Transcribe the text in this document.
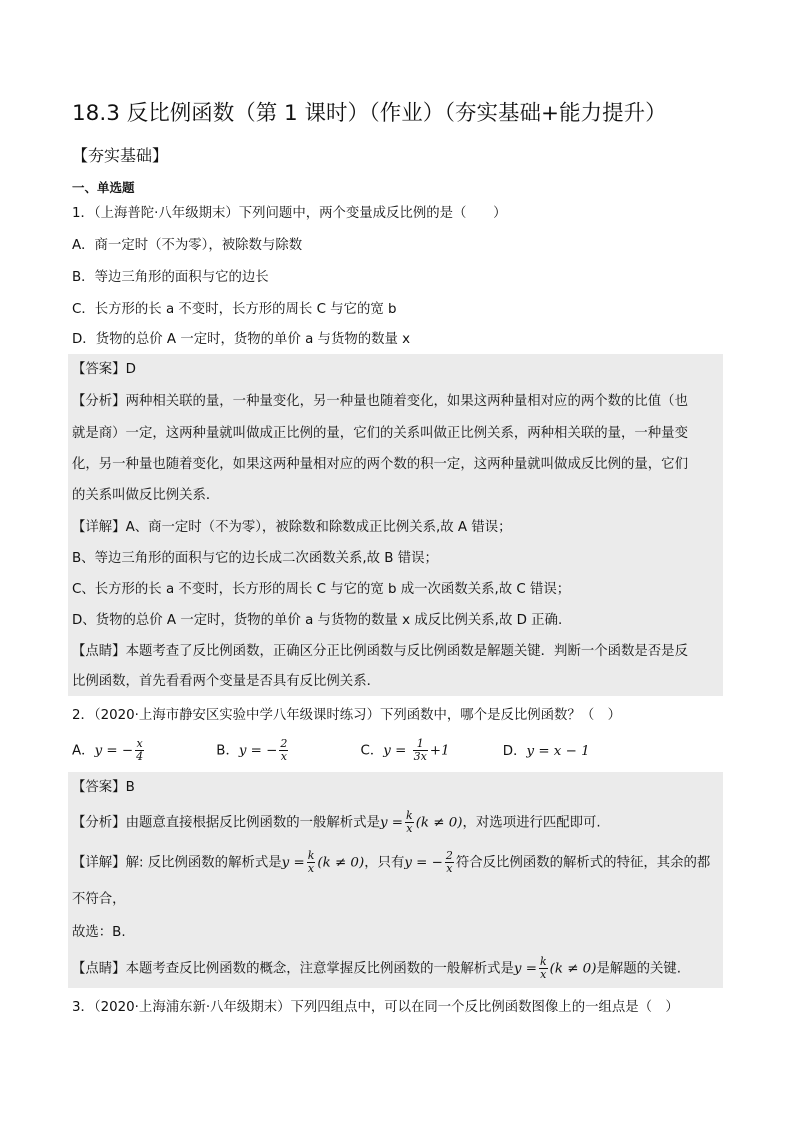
18.3 反比例函数（第 1 课时）（作业）（夯实基础+能力提升）
【夯实基础】
一、单选题
1．（上海普陀·八年级期末）下列问题中，两个变量成反比例的是（　　）
A．商一定时（不为零），被除数与除数
B．等边三角形的面积与它的边长
C．长方形的长 a 不变时，长方形的周长 C 与它的宽 b
D．货物的总价 A 一定时，货物的单价 a 与货物的数量 x
【答案】D
【分析】两种相关联的量，一种量变化，另一种量也随着变化，如果这两种量相对应的两个数的比值（也
就是商）一定，这两种量就叫做成正比例的量，它们的关系叫做正比例关系，两种相关联的量，一种量变
化，另一种量也随着变化，如果这两种量相对应的两个数的积一定，这两种量就叫做成反比例的量，它们
的关系叫做反比例关系．
【详解】A、商一定时（不为零），被除数和除数成正比例关系,故 A 错误；
B、等边三角形的面积与它的边长成二次函数关系,故 B 错误；
C、长方形的长 a 不变时，长方形的周长 C 与它的宽 b 成一次函数关系,故 C 错误；
D、货物的总价 A 一定时，货物的单价 a 与货物的数量 x 成反比例关系,故 D 正确.
【点睛】本题考查了反比例函数，正确区分正比例函数与反比例函数是解题关键．判断一个函数是否是反
比例函数，首先看看两个变量是否具有反比例关系．
2．（2020·上海市静安区实验中学八年级课时练习）下列函数中，哪个是反比例函数？（　）
A．y = − $\frac{x}{4}$	B．y = − $\frac{2}{x}$	C．$y = \frac{1}{3x} +1$	D．y = x − 1
【答案】B
【分析】由题意直接根据反比例函数的一般解析式是$y = \frac{k}{x} (k \ne 0)$，对选项进行匹配即可.
【详解】解: 反比例函数的解析式是$y = \frac{k}{x} (k \ne 0)$，只有y = − $\frac{2}{x}$ 符合反比例函数的解析式的特征，其余的都
不符合，
故选：B.
【点睛】本题考查反比例函数的概念，注意掌握反比例函数的一般解析式是$y = \frac{k}{x} (k \ne 0)$是解题的关键.
3．（2020·上海浦东新·八年级期末）下列四组点中，可以在同一个反比例函数图像上的一组点是（　）
